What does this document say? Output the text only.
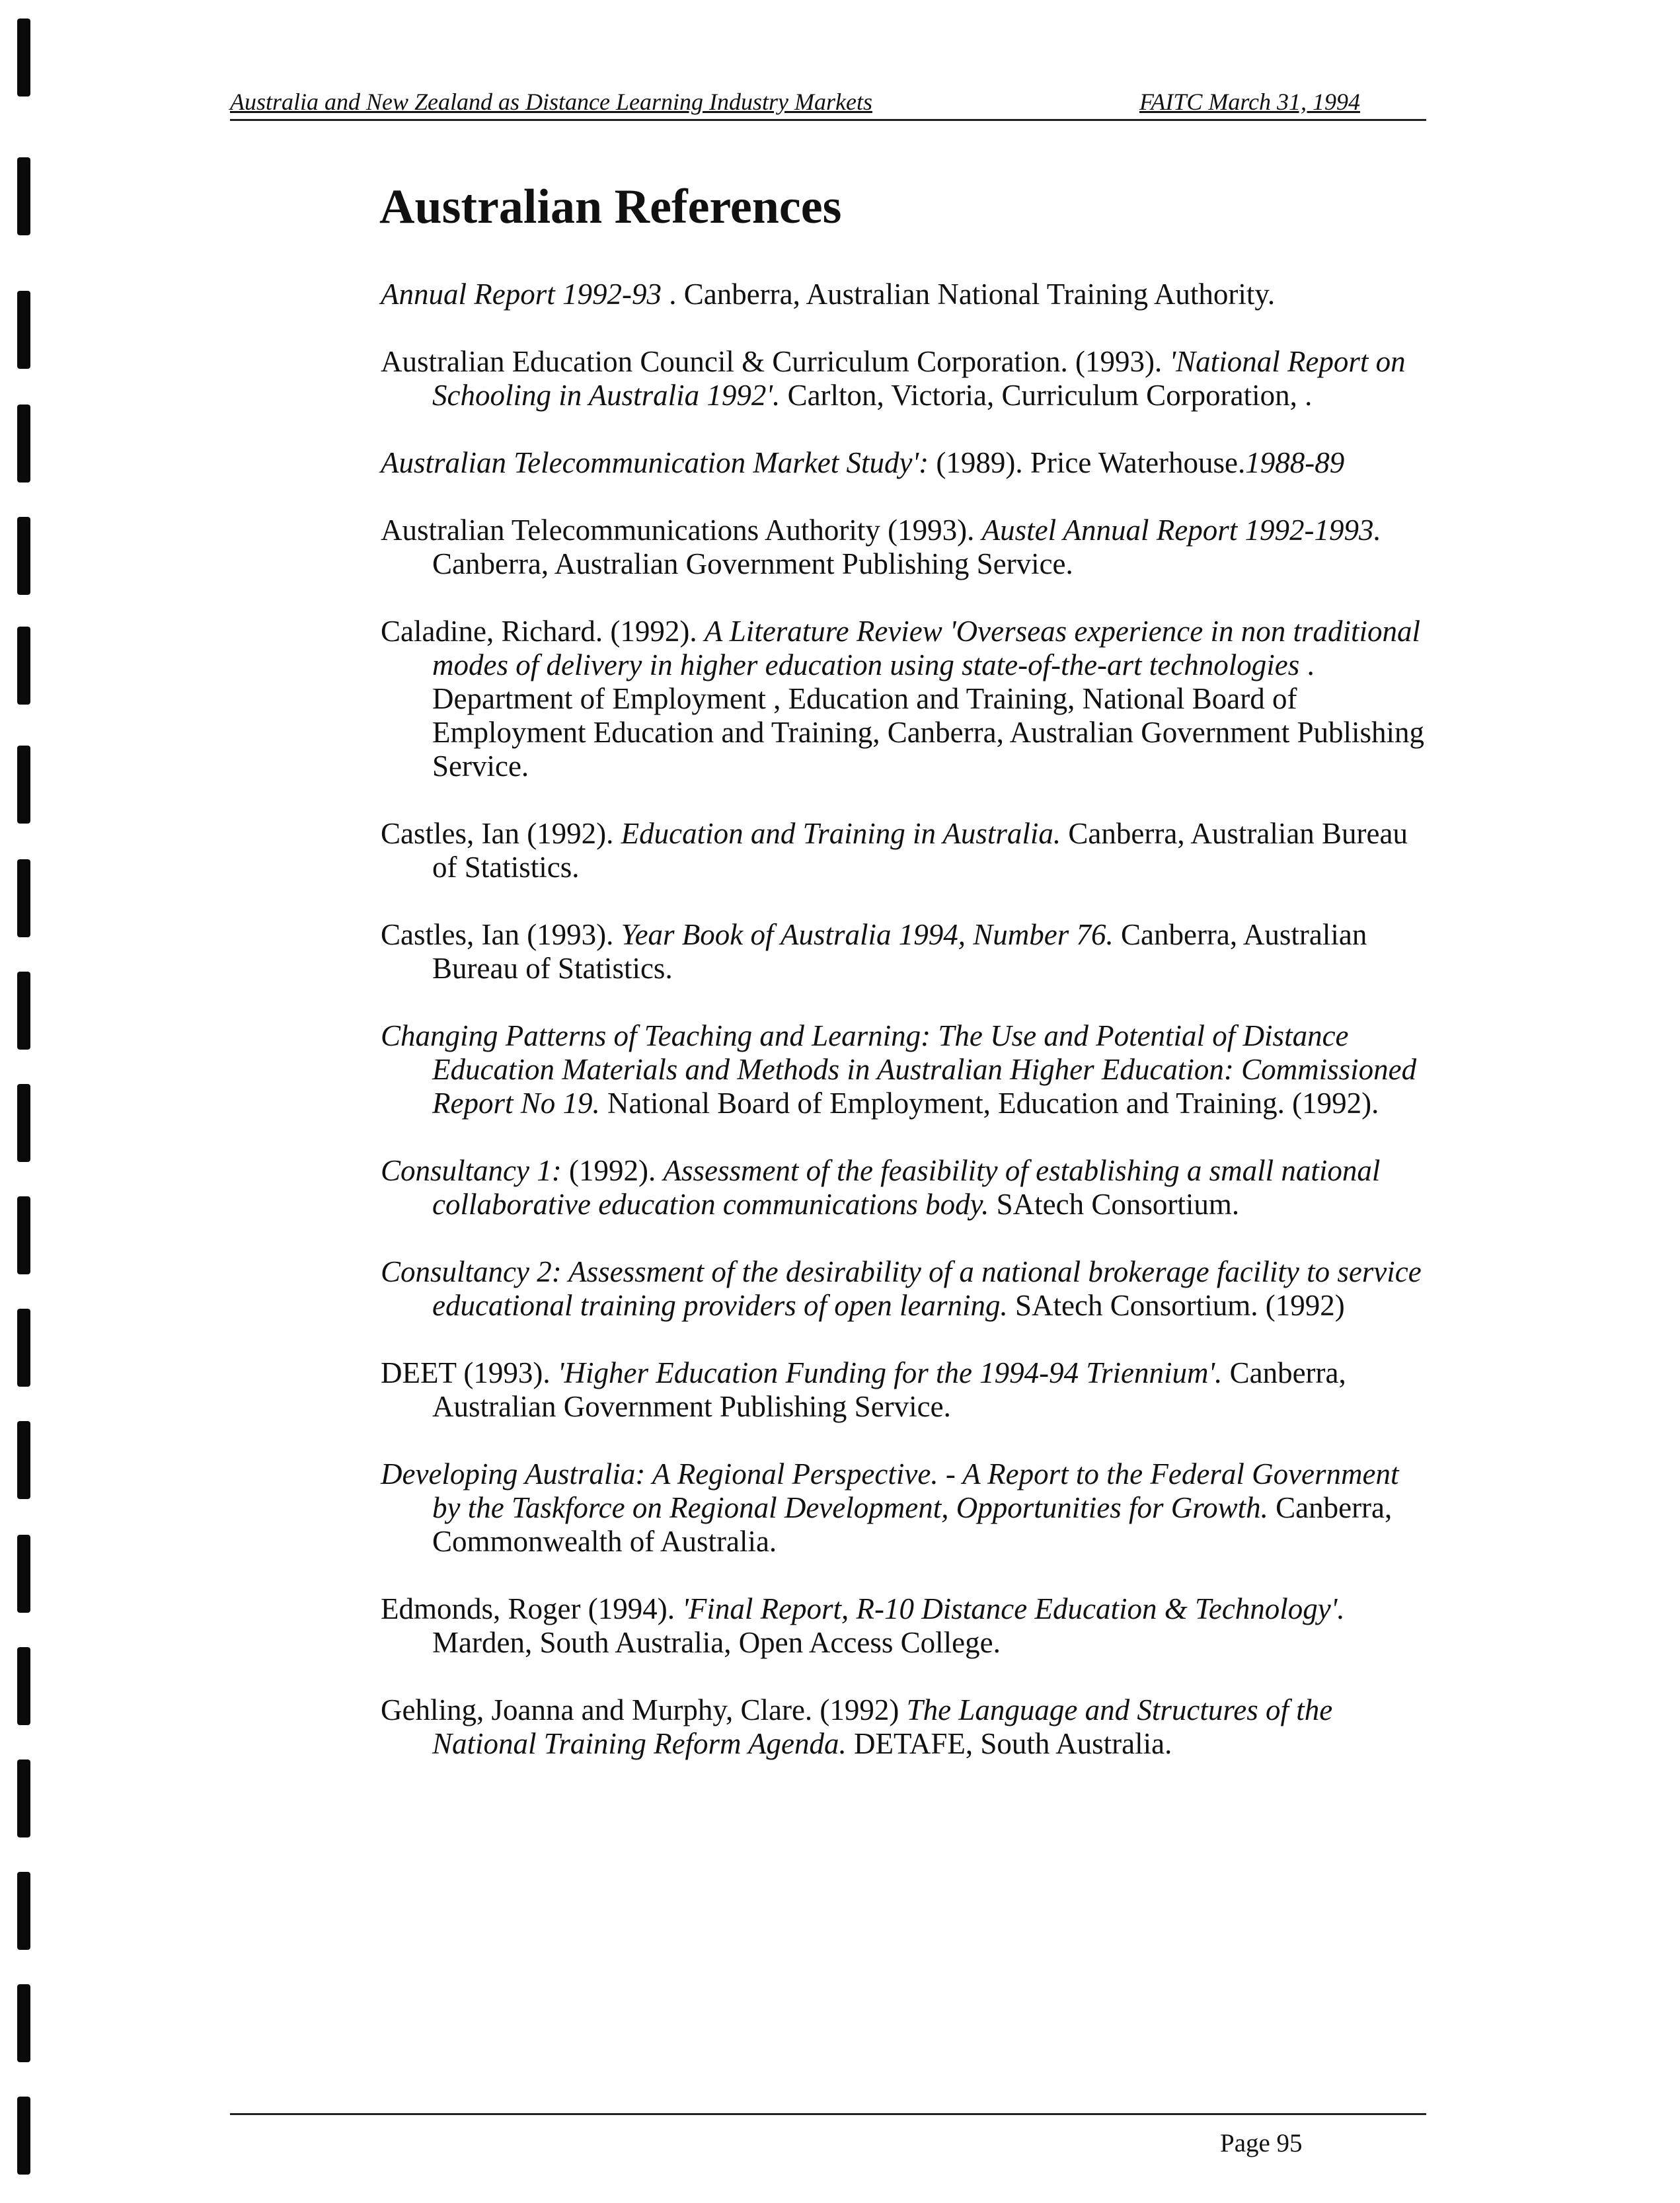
Australia and New Zealand as Distance Learning Industry Markets	FAITC March 31, 1994
Australian References

Annual Report 1992-93 . Canberra, Australian National Training Authority.

Australian Education Council & Curriculum Corporation. (1993). 'National Report on Schooling in Australia 1992'. Carlton, Victoria, Curriculum Corporation, .

Australian Telecommunication Market Study': (1989). Price Waterhouse.1988-89

Australian Telecommunications Authority (1993). Austel Annual Report 1992-1993. Canberra, Australian Government Publishing Service.

Caladine, Richard. (1992). A Literature Review 'Overseas experience in non traditional modes of delivery in higher education using state-of-the-art technologies . Department of Employment , Education and Training, National Board of Employment Education and Training, Canberra, Australian Government Publishing Service.

Castles, Ian (1992). Education and Training in Australia. Canberra, Australian Bureau of Statistics.

Castles, Ian (1993). Year Book of Australia 1994, Number 76. Canberra, Australian Bureau of Statistics.

Changing Patterns of Teaching and Learning: The Use and Potential of Distance Education Materials and Methods in Australian Higher Education: Commissioned Report No 19. National Board of Employment, Education and Training. (1992).

Consultancy 1: (1992). Assessment of the feasibility of establishing a small national collaborative education communications body. SAtech Consortium.

Consultancy 2: Assessment of the desirability of a national brokerage facility to service educational training providers of open learning. SAtech Consortium. (1992)

DEET (1993). 'Higher Education Funding for the 1994-94 Triennium'. Canberra, Australian Government Publishing Service.

Developing Australia: A Regional Perspective. - A Report to the Federal Government by the Taskforce on Regional Development, Opportunities for Growth. Canberra, Commonwealth of Australia.

Edmonds, Roger (1994). 'Final Report, R-10 Distance Education & Technology'. Marden, South Australia, Open Access College.

Gehling, Joanna and Murphy, Clare. (1992) The Language and Structures of the National Training Reform Agenda. DETAFE, South Australia.

Page 95
